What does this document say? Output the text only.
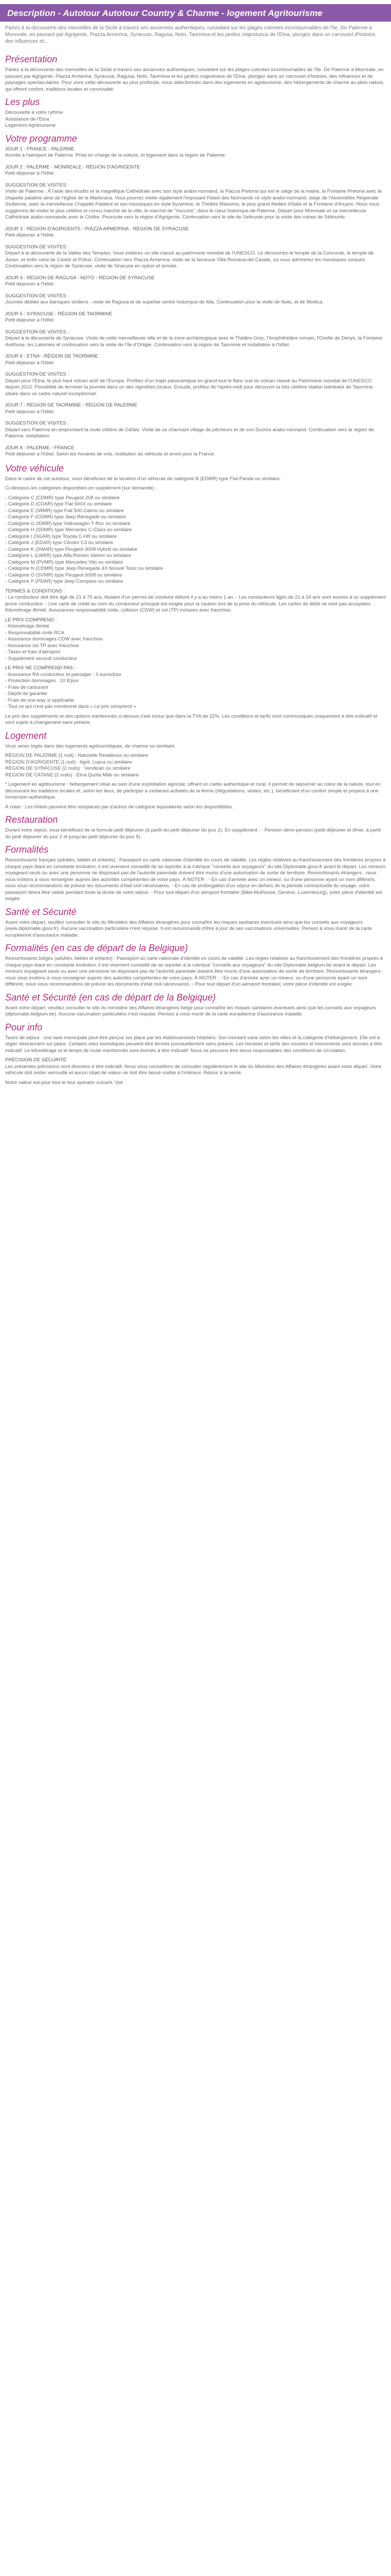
Description - Autotour Autotour Country & Charme - logement Agritourisme
Partez à la découverte des merveilles de la Sicile à travers ses anciennes authentiques, ruisselant sur les plages colorées incontournables de l'Ile. De Palerme à Monreale, en passant par Agrigente, Piazza Armerina, Syracuse, Ragusa, Noto, Taormina et les jardins majestueux de l'Etna, plongez dans un carrousel d'histoire, des influences et...
Présentation

Partez à la découverte des merveilles de la Sicile à travers ses anciennes authentiques, ruisselant sur les plages colorées incontournables de l'île. De Palerme à Monreale, en passant par Agrigente, Piazza Armerina, Syracuse, Ragusa, Noto, Taormina et les jardins majestueux de l'Etna, plongez dans un carrousel d'histoire, des influences et de paysages spectaculaires. Pour vivre cette découverte au plus profonde, nous sélectionnés dans des logements en agritourisme, des hébergements de charme au plein nature, qui offrent confort, traditions locales et convivialité.

Les plus
Découverte à votre rythme
Assistance de l'Etna
Logement Agritourisme
Votre programme

JOUR 1 : FRANCE - PALERME

Arrivée à l'aéroport de Palerme. Prise en charge de la voiture, et logement dans la région de Palerme.

JOUR 2 : PALERME - MONREALE - RÉGION D'AGRIGENTE

Petit déjeuner à l'hôtel.

SUGGESTION DE VISITES :

Visite de Palerme : À l'aide des érudits et la magnifique Cathédrale avec son style arabo-normand, la Piazza Pretoria qui est le siège de la mairie, la Fontaine Pretoria avec la chapelle palatine ainsi de l'église de la Martorana. Vous pourrez visiter également l'imposant Palais des Normands ce style arabo-normand, siège de l'Assemblée Régionale Sicilienne, avec la merveilleuse Chapelle Palatine et ses mosaïques en style byzantine, le Théâtre Massimo, le plus grand théâtre d'Italie et la Fontaine d'Arçano. Nous vous suggérons de visiter le plus célèbre et connu marché de la ville, le marché de "Vucciria", dans le cœur historique de Palerme. Départ pour Monreale et sa merveilleuse Cathédrale arabo-normande avec le Cloître. Poursuite vers la région d'Agrigente. Continuation vers le site de Selinunte pour la visite des ruines de Sélinunte.

JOUR 3 : RÉGION D'AGRIGENTE - PIAZZA ARMERINA - RÉGION DE SYRACUSE

Petit déjeuner à l'hôtel.

SUGGESTION DE VISITES :

Départ à la découverte de la Vallée des Temples. Vous visiterez un site classé au patrimoine mondial de l'UNESCO. Le découvriez-le temple de la Concorde, le temple de Junon, et enfin celui de Castor et Pollux. Continuation vers Piazza Armerina, visite de la fameuse Villa Romana del Casale, où vous admirerez les mosaïques uniques. Continuation vers la région de Syracuse, visite de Siracusa en option et arrivée.

JOUR 4 : RÉGION DE RAGUSA - NOTO - RÉGION DE SYRACUSE

Petit déjeuner à l'hôtel.

SUGGESTION DE VISITES :

Journée dédiée aux baroques siciliens : visite de Ragusa et de superbe centre historique de Ibla. Continuation pour la visite de Noto, et de Modica.

JOUR 5 : SYRACUSE - RÉGION DE TAORMINE

Petit déjeuner à l'hôtel.

SUGGESTION DE VISITES :

Départ à la découverte de Syracuse. Visite de cette merveilleuse ville et de la zone archéologique avec le Théâtre Grec, l'Amphithéâtre romain, l'Oreille de Denys, la Fontaine Aréthuse, les Latomies et continuation vers la visite de l'île d'Ortigie. Continuation vers la région de Taormine et installation à l'hôtel.

JOUR 6 : ETNA - RÉGION DE TAORMINE

Petit déjeuner à l'hôtel.

SUGGESTION DE VISITES :

Départ pour l'Etna, le plus haut volcan actif de l'Europe. Profitez d'un trajet panoramique en grand tout le flanc sud du volcan classé au Patrimoine mondial de l'UNESCO depuis 2013. Possibilité de terminer la journée dans un des vignobles locaux. Ensuite, profitez de l'après-midi pour découvrir la très célèbre station balnéaire de Taormine, située dans un cadre naturel exceptionnel.

JOUR 7 : RÉGION DE TAORMINE - RÉGION DE PALERME

Petit déjeuner à l'hôtel.

SUGGESTION DE VISITES :

Départ vers Palerme en empruntant la route côtière de Cefalù. Visite de ce charmant village de pêcheurs et de son Duomo arabo-normand. Continuation vers la région de Palerme, installation.

JOUR 8 : PALERME - FRANCE

Petit déjeuner à l'hôtel. Selon les horaires de vols, restitution du véhicule et envol pour la France.

Votre véhicule

Dans le cadre de cet autotour, vous bénéficiez de la location d'un véhicule de catégorie B (EDMR) type Fiat Panda ou similaire.

Ci-dessous les catégories disponibles en supplément (sur demande) :

- Catégorie C (CDMR) type Peugeot 208 ou similaire
- Catégorie D (CDAR) type Fiat 500X ou similaire
- Catégorie E (IWMR) type Fiat 500 Cabrio ou similaire
- Catégorie F (CDMR) type Jeep Renegade ou similaire
- Catégorie G (IDMR) type Volkswagen T-Roc ou similaire
- Catégorie H (SDMR) type Mercedes C-Class ou similaire
- Catégorie I (SGAR) type Toyota C-HR ou similaire
- Catégorie J (EDAR) type Citroën C3 ou similaire
- Catégorie K (SWAR) type Peugeot 3008 Hybrid ou similaire
- Catégorie L (LWAR) type Alfa Romeo Stelvio ou similaire
- Catégorie M (PVMR) type Mercedes Vito ou similaire
- Catégorie N (CDMR) type Jeep Renegade 4X Nouvel Tonic ou similaire
- Catégorie O (SVMR) type Peugeot 5008 ou similaire
- Catégorie P (PDAR) type Jeep Compass ou similaire

TERMES & CONDITIONS :

- Le conducteur doit être âgé de 21 à 75 ans, titulaire d'un permis de conduire délivré il y a au moins 1 an. - Les conducteurs âgés de 21 à 24 ans sont soumis à un supplément jeune conducteur. - Une carte de crédit au nom du conducteur principal est exigée pour la caution lors de la prise du véhicule. Les cartes de débit ne sont pas acceptées. - Kilométrage illimité. Assurances responsabilité civile, collision (CDW) et vol (TP) incluses avec franchise.

LE PRIX COMPREND :

- Kilométrage illimité
- Responsabilité civile RCA
- Assurance dommages CDW avec franchise
- Assurance vol TP avec franchise
- Taxes et frais d'aéroport
- Supplément second conducteur

LE PRIX NE COMPREND PAS :

- Assurance RA conducteur et passager : 3 euros/jour
- Protection dommages : 10 €/jour
- Frais de carburant
- Dépôt de garantie
- Frais de one-way si applicable
- Tout ce qui n'est pas mentionné dans « Le prix comprend »

Le prix des suppléments et des options mentionnés ci-dessus n'est inclus que dans la TVA de 22%. Les conditions et tarifs sont communiqués uniquement à titre indicatif et sont sujets à changement sans préavis.

Logement

Vous serez logés dans des logements agritouristiques, de charme ou similaire.

RÉGION DE PALERME (1 nuit) : Naturelle Residence ou similaire
RÉGION D'AGRIGENTE (1 nuit) : Agrit. Lupus ou similaire
RÉGION DE SYRACUSE (2 nuits) : Vendicari ou similaire
RÉGION DE CATANE (2 nuits) : Etna Quota Mille ou similaire

* Logement en agritourisme : hébergement situé au sein d'une exploitation agricole, offrant un cadre authentique et rural. Il permet de séjourner au cœur de la nature, tout en découvrant les traditions locales et, selon les lieux, de participer à certaines activités de la ferme (dégustations, visites, etc.), bénéficiant d'un confort simple et propice à une immersion authentique.

À noter : Les hôtels peuvent être remplacés par d'autres de catégorie équivalente selon les disponibilités.

Restauration

Durant votre séjour, vous bénéficiez de la formule petit déjeuner (à partir du petit déjeuner du jour 2). En supplément : - Pension demi-pension (petit déjeuner et dîner, à partir du petit déjeuner du jour 2 et jusqu'au petit déjeuner du jour 8).

Formalités

Ressortissants français (adultes, bébés et enfants) : Passeport ou carte nationale d'identité en cours de validité. Les règles relatives au franchissement des frontières propres à chaque pays étant en constante évolution, il est vivement conseillé de se reporter à la rubrique "conseils aux voyageurs" du site Diplomatie.gouv.fr avant le départ. Les mineurs voyageant seuls ou avec une personne ne disposant pas de l'autorité parentale doivent être munis d'une autorisation de sortie de territoire. Ressortissants étrangers : nous vous invitons à vous renseigner auprès des autorités compétentes de votre pays. À NOTER : - En cas d'arrivée avec un mineur, ou d'une personne ayant un nom différent, nous vous recommandons de prévoir les documents d'état civil nécessaires. - En cas de prolongation d'un séjour en dehors de la période contractuelle du voyage, votre passeport devra être valide pendant toute la durée de votre séjour. - Pour tout départ d'un aéroport frontalier (Bâle-Mulhouse, Genève, Luxembourg), votre pièce d'identité est exigée.

Santé et Sécurité

Avant votre départ, veuillez consulter le site du Ministère des Affaires étrangères pour connaître les risques sanitaires éventuels ainsi que les conseils aux voyageurs (www.diplomatie.gouv.fr). Aucune vaccination particulière n'est requise. Il est recommandé d'être à jour de ses vaccinations universelles. Pensez à vous munir de la carte européenne d'assurance maladie.

Formalités (en cas de départ de la Belgique)

Ressortissants belges (adultes, bébés et enfants) : Passeport ou carte nationale d'identité en cours de validité. Les règles relatives au franchissement des frontières propres à chaque pays étant en constante évolution, il est vivement conseillé de se reporter à la rubrique "conseils aux voyageurs" du site Diplomatie.belgium.be avant le départ. Les mineurs voyageant seuls ou avec une personne ne disposant pas de l'autorité parentale doivent être munis d'une autorisation de sortie de territoire. Ressortissants étrangers : nous vous invitons à vous renseigner auprès des autorités compétentes de votre pays. À NOTER : - En cas d'arrivée avec un mineur, ou d'une personne ayant un nom différent, nous vous recommandons de prévoir les documents d'état civil nécessaires. - Pour tout départ d'un aéroport frontalier, votre pièce d'identité est exigée.

Santé et Sécurité (en cas de départ de la Belgique)

Avant votre départ, veuillez consulter le site du ministère des Affaires étrangères belge pour connaître les risques sanitaires éventuels ainsi que les conseils aux voyageurs (diplomatie.belgium.be). Aucune vaccination particulière n'est requise. Pensez à vous munir de la carte européenne d'assurance maladie.

Pour info

Taxes de séjour : une taxe municipale peut être perçue sur place par les établissements hôteliers. Son montant varie selon les villes et la catégorie d'hébergement. Elle est à régler directement sur place. Certains sites touristiques peuvent être fermés ponctuellement sans préavis. Les horaires et tarifs des musées et monuments sont donnés à titre indicatif. Le kilométrage et le temps de route mentionnés sont donnés à titre indicatif. Nous ne pouvons être tenus responsables des conditions de circulation.

PRÉCISION DE SÉCURITÉ

Les présentes précisions sont données à titre indicatif. Nous vous conseillons de consulter régulièrement le site du Ministère des Affaires étrangères avant votre départ. Votre véhicule doit rester verrouillé et aucun objet de valeur ne doit être laissé visible à l'intérieur. Retour à la vente.

Notre valeur est pour tout le tour operator suivant. Voir
